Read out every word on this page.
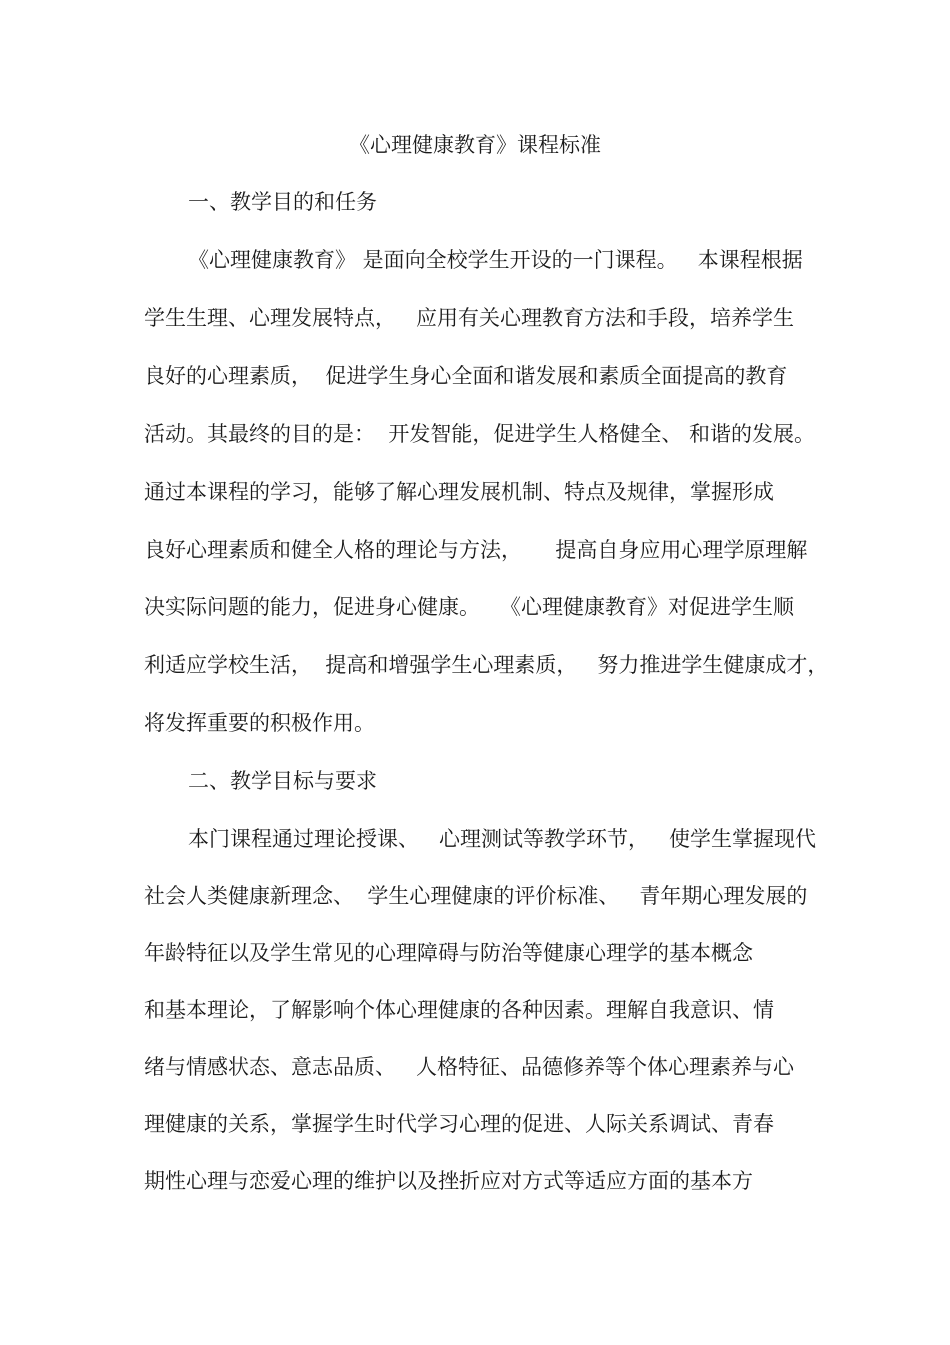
《心理健康教育》课程标准
一、教学目的和任务
《心理健康教育》 是面向全校学生开设的一门课程。   本课程根据
学生生理、心理发展特点，   应用有关心理教育方法和手段，培养学生
良好的心理素质，  促进学生身心全面和谐发展和素质全面提高的教育
活动。其最终的目的是：  开发智能，促进学生人格健全、 和谐的发展。
通过本课程的学习，能够了解心理发展机制、特点及规律，掌握形成
良好心理素质和健全人格的理论与方法，     提高自身应用心理学原理解
决实际问题的能力，促进身心健康。   《心理健康教育》对促进学生顺
利适应学校生活，  提高和增强学生心理素质，   努力推进学生健康成才，
将发挥重要的积极作用。
二、教学目标与要求
本门课程通过理论授课、   心理测试等教学环节，   使学生掌握现代
社会人类健康新理念、  学生心理健康的评价标准、   青年期心理发展的
年龄特征以及学生常见的心理障碍与防治等健康心理学的基本概念
和基本理论，了解影响个体心理健康的各种因素。理解自我意识、情
绪与情感状态、意志品质、   人格特征、品德修养等个体心理素养与心
理健康的关系，掌握学生时代学习心理的促进、人际关系调试、青春
期性心理与恋爱心理的维护以及挫折应对方式等适应方面的基本方
